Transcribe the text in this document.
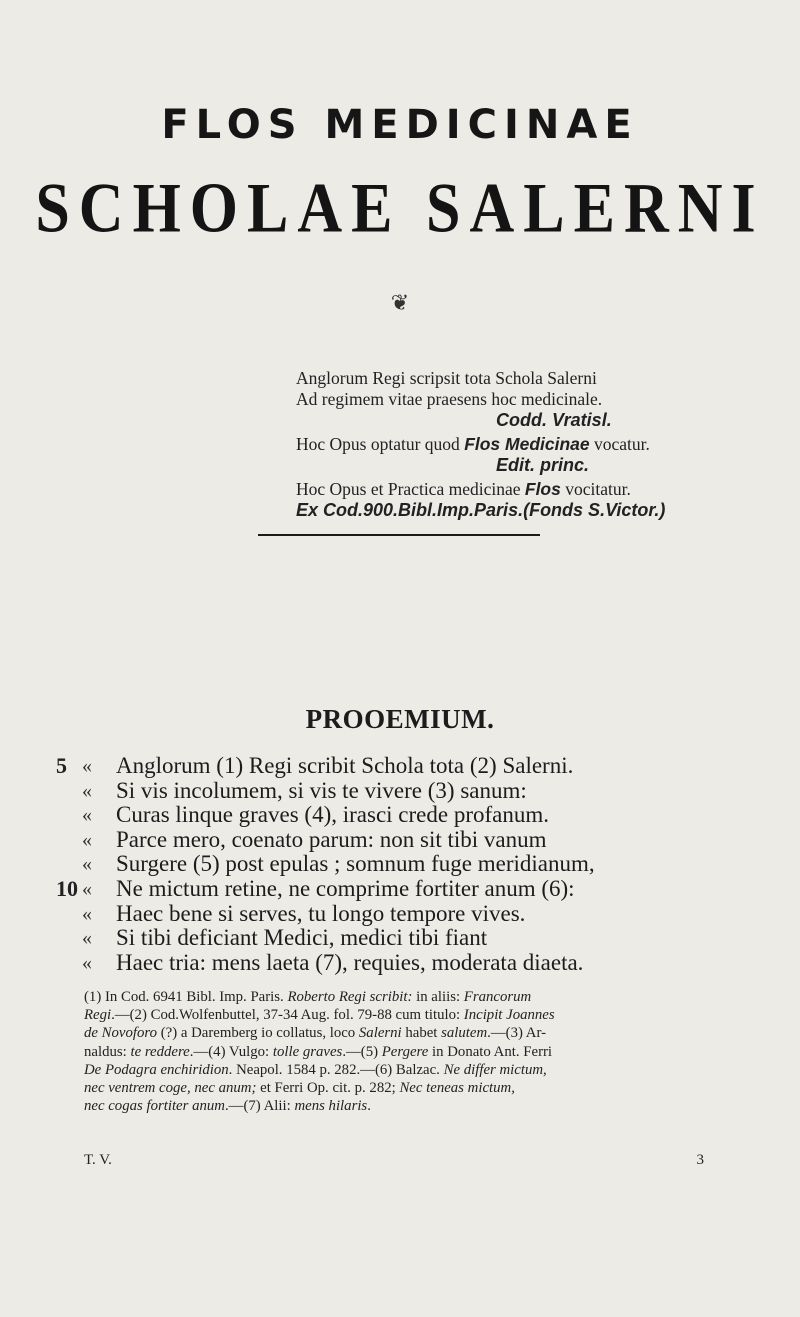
FLOS MEDICINAE
SCHOLAE SALERNI
❦
Anglorum Regi scripsit tota Schola Salerni
Ad regimem vitae praesens hoc medicinale.

Codd. Vratisl.
Hoc Opus optatur quod Flos Medicinae vocatur.

Edit. princ.
Hoc Opus et Practica medicinae Flos vocitatur.
Ex Cod.900.Bibl.Imp.Paris.(Fonds S.Victor.)
PROOEMIUM.
5 « Anglorum (1) Regi scribit Schola tota (2) Salerni.
« Si vis incolumem, si vis te vivere (3) sanum:
« Curas linque graves (4), irasci crede profanum.
« Parce mero, coenato parum: non sit tibi vanum
« Surgere (5) post epulas ; somnum fuge meridianum,
10 « Ne mictum retine, ne comprime fortiter anum (6):
« Haec bene si serves, tu longo tempore vives.
« Si tibi deficiant Medici, medici tibi fiant
« Haec tria: mens laeta (7), requies, moderata diaeta.

(1) In Cod. 6941 Bibl. Imp. Paris. Roberto Regi scribit: in aliis: Francorum

Regi.—(2) Cod.Wolfenbuttel, 37-34 Aug. fol. 79-88 cum titulo: Incipit Joannes

de Novoforo (?) a Daremberg io collatus, loco Salerni habet salutem.—(3) Ar-

naldus: te reddere.—(4) Vulgo: tolle graves.—(5) Pergere in Donato Ant. Ferri

De Podagra enchiridion. Neapol. 1584 p. 282.—(6) Balzac. Ne differ mictum,

nec ventrem coge, nec anum; et Ferri Op. cit. p. 282; Nec teneas mictum,

nec cogas fortiter anum.—(7) Alii: mens hilaris.

T. V.	3
